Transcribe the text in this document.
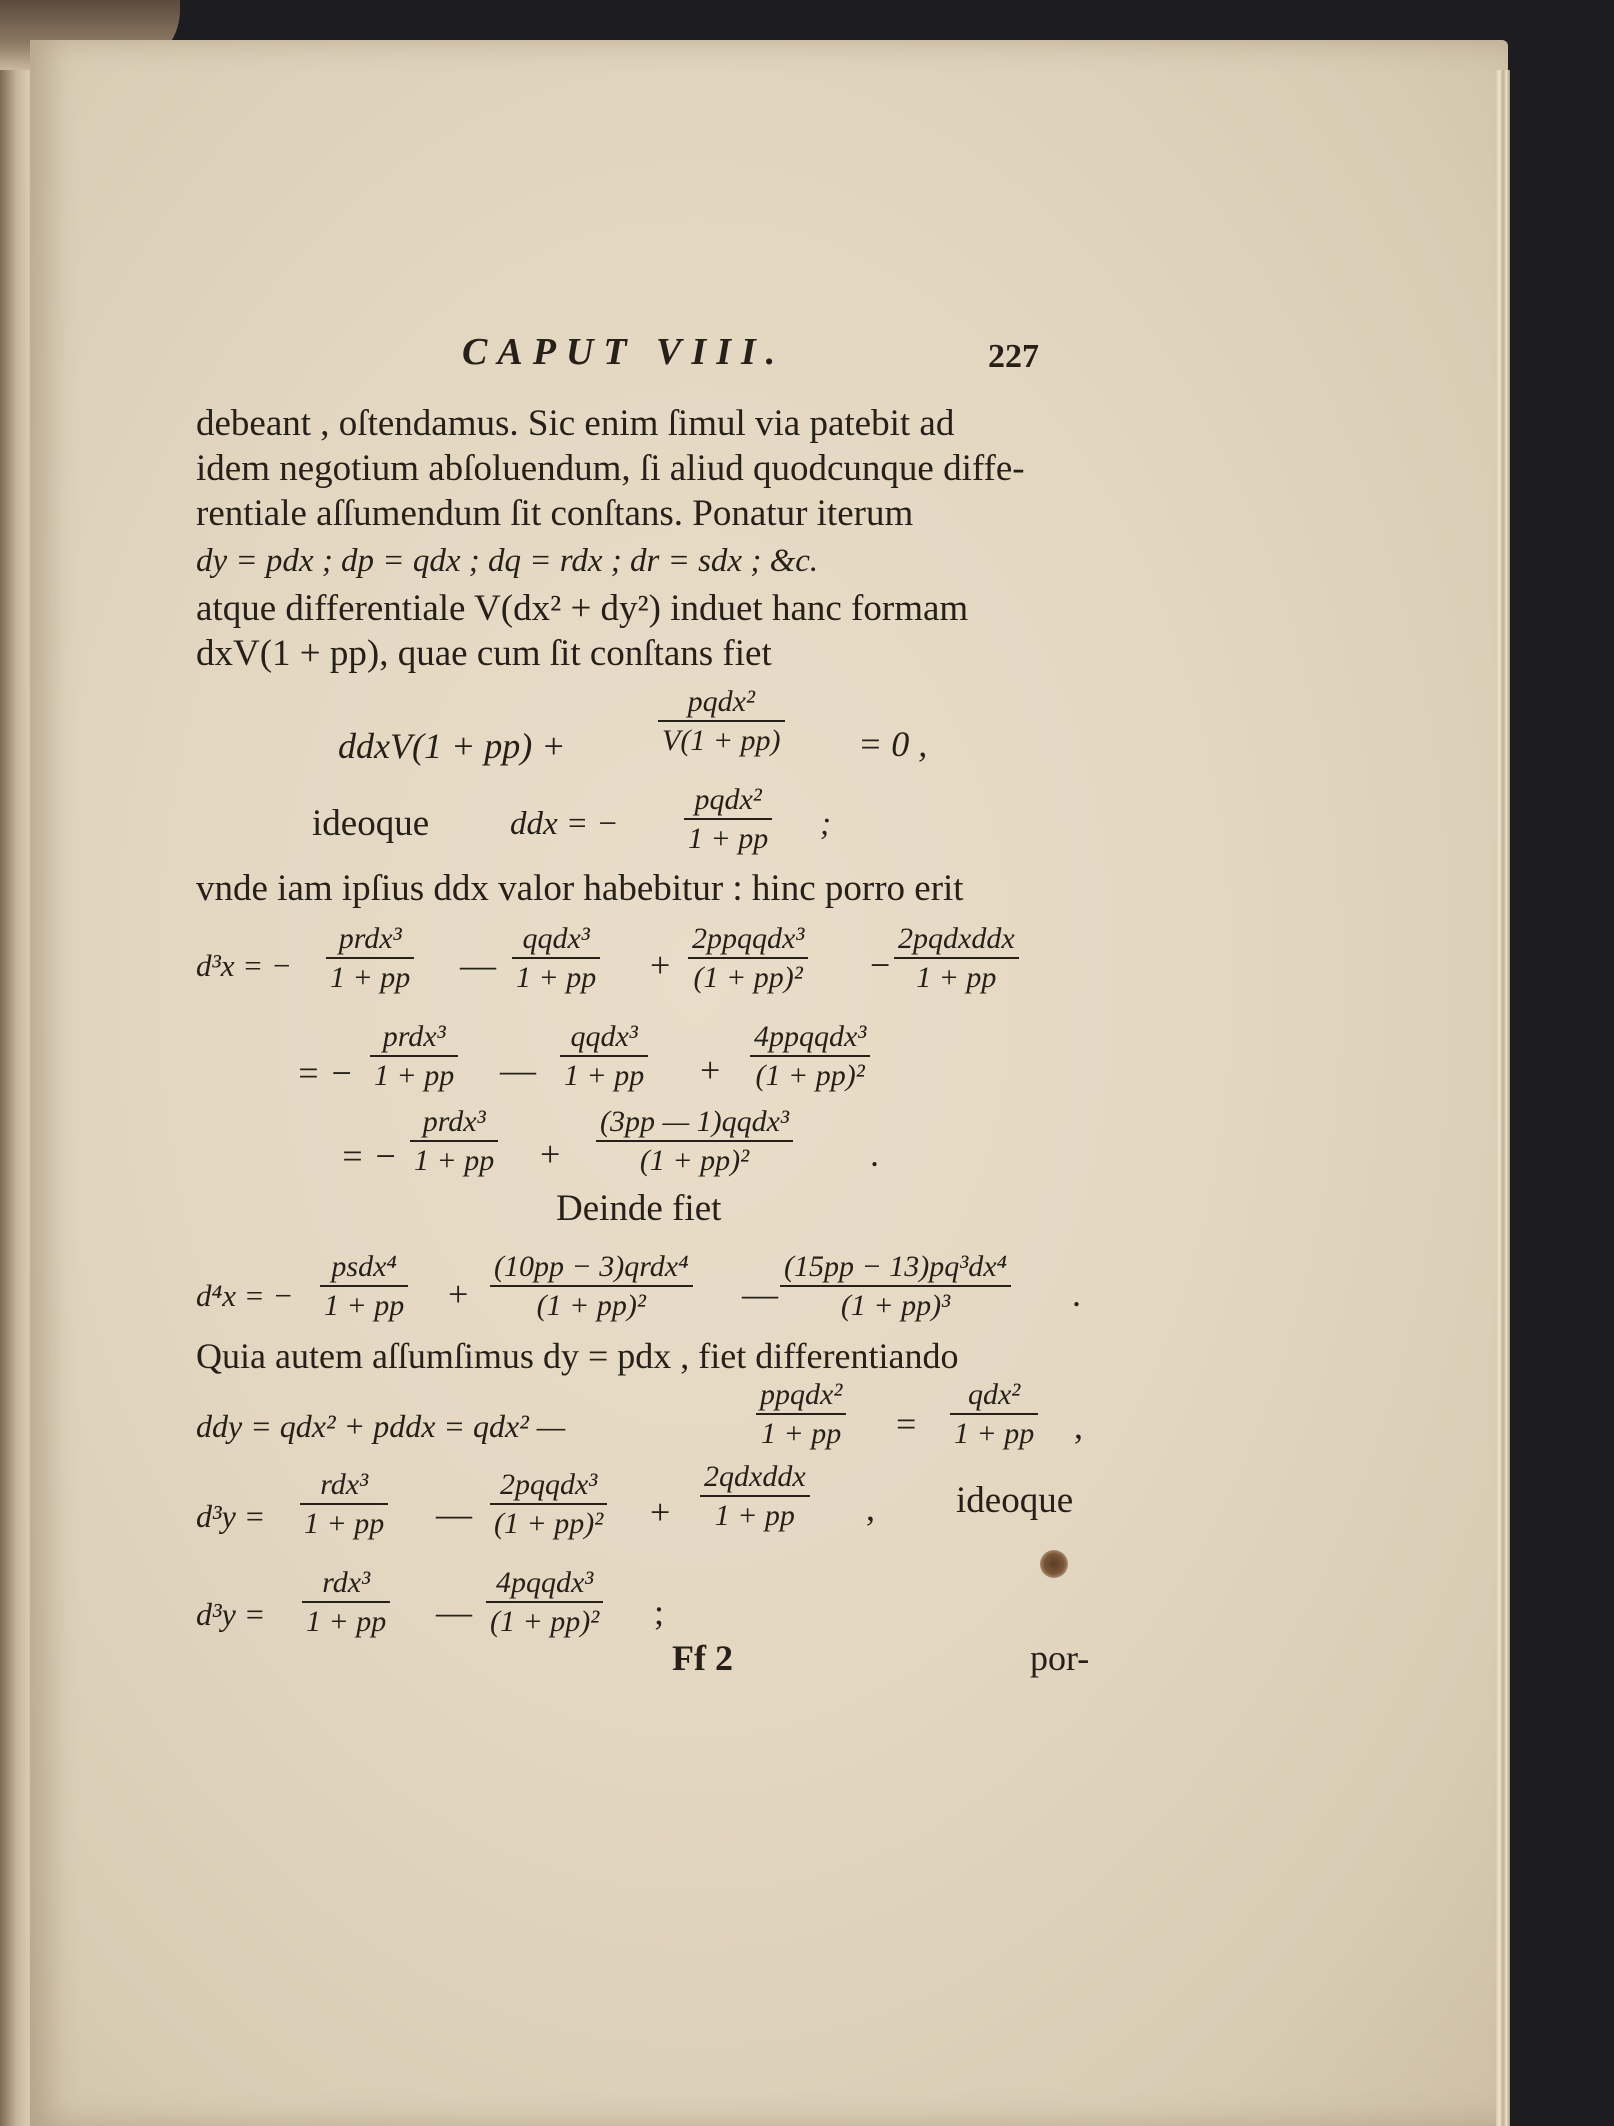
CAPUT VIII.	227
debeant , oſtendamus. Sic enim ſimul via patebit ad
idem negotium abſoluendum, ſi aliud quodcunque diffe-
rentiale aſſumendum ſit conſtans. Ponatur iterum
dy = pdx ; dp = qdx ; dq = rdx ; dr = sdx ; &c.
atque differentiale V(dx² + dy²) induet hanc formam
dxV(1 + pp), quae cum ſit conſtans fiet
ddxV(1 + pp) +
pqdx²
V(1 + pp) = 0 ,
ideoque ddx = −
pqdx²
1 + pp ;
vnde iam ipſius ddx valor habebitur : hinc porro erit
d³x = −
prdx³
1 + pp —
qqdx³
1 + pp +
2ppqqdx³
(1 + pp)² −
2pqdxddx
1 + pp
= −
prdx³
1 + pp —
qqdx³
1 + pp +
4ppqqdx³
(1 + pp)²
= −
prdx³
1 + pp +
(3pp — 1)qqdx³
(1 + pp)²	.
Deinde fiet
d⁴x = −
psdx⁴
1 + pp +
(10pp − 3)qrdx⁴
(1 + pp)²	—
(15pp − 13)pq³dx⁴
(1 + pp)³	.
Quia autem aſſumſimus dy = pdx , fiet differentiando
ddy = qdx² + pddx = qdx² —
ppqdx²
1 + pp =
qdx²
1 + pp ,
d³y =
rdx³
1 + pp —
2pqqdx³
(1 + pp)² +
2qdxddx
1 + pp , ideoque
d³y =
rdx³
1 + pp —
4pqqdx³
(1 + pp)² ;
Ff 2	por-
